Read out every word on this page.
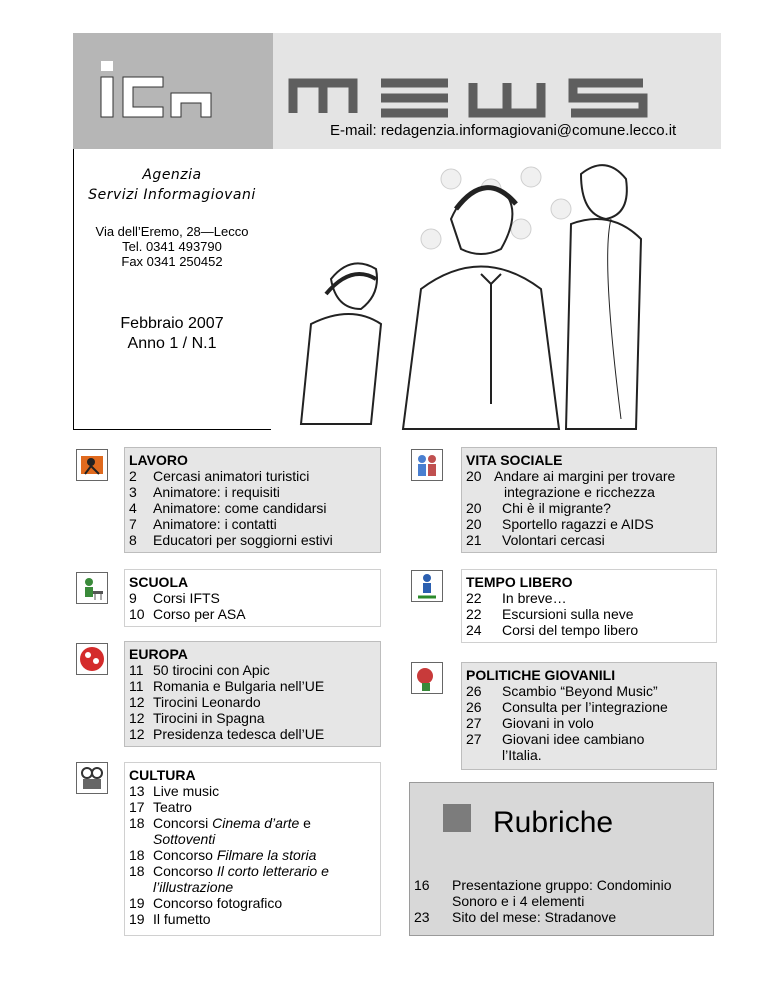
E-mail: redagenzia.informagiovani@comune.lecco.it
Agenzia
Servizi Informagiovani
Via dell’Eremo, 28—Lecco
Tel. 0341 493790
Fax 0341 250452
Febbraio 2007
Anno 1 / N.1
LAVORO
2	Cercasi animatori turistici
3	Animatore: i requisiti
4	Animatore: come candidarsi
7	Animatore: i contatti
8	Educatori per soggiorni estivi
SCUOLA
9	Corsi IFTS
10 Corso per ASA
EUROPA
11 50 tirocini con Apic
11 Romania e Bulgaria nell’UE
12 Tirocini Leonardo
12 Tirocini in Spagna
12 Presidenza tedesca dell’UE
CULTURA
13 Live music
17 Teatro
18 Concorsi Cinema d’arte e
Sottoventi
18 Concorso Filmare la storia
18 Concorso Il corto letterario e
l’illustrazione
19 Concorso fotografico
19 Il fumetto
VITA SOCIALE
20 Andare ai margini per trovare
integrazione e ricchezza
20	Chi è il migrante?
20	Sportello ragazzi e AIDS
21	Volontari cercasi
TEMPO LIBERO
22	In breve…
22	Escursioni sulla neve
24	Corsi del tempo libero
POLITICHE GIOVANILI
26	Scambio “Beyond Music”
26	Consulta per l’integrazione
27	Giovani in volo
27	Giovani idee cambiano
l’Italia.
Rubriche
16	Presentazione gruppo: Condominio
Sonoro e i 4 elementi
23	Sito del mese: Stradanove
